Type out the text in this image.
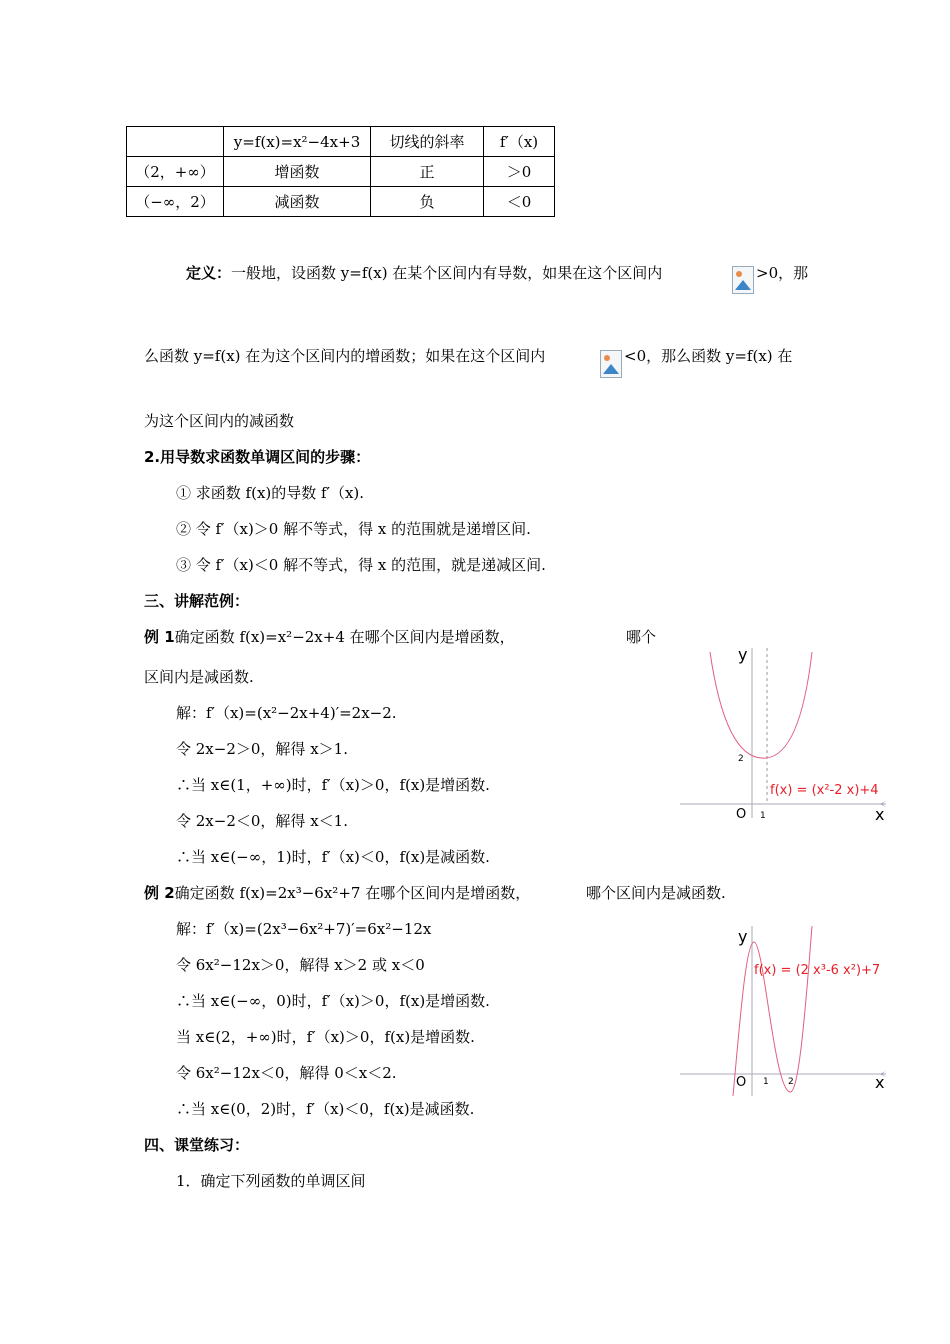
	y=f(x)=x²−4x+3	切线的斜率	f′（x)
（2，+∞）	增函数	正	＞0
（−∞，2）	减函数	负	＜0
定义：一般地，设函数 y=f(x) 在某个区间内有导数，如果在这个区间内	>0，那
么函数 y=f(x) 在为这个区间内的增函数；如果在这个区间内	<0，那么函数 y=f(x) 在
为这个区间内的减函数
2.用导数求函数单调区间的步骤：
① 求函数 f(x)的导数 f′（x).
② 令 f′（x)＞0 解不等式，得 x 的范围就是递增区间.
③ 令 f′（x)＜0 解不等式，得 x 的范围，就是递减区间.
三、讲解范例：
例 1确定函数 f(x)=x²−2x+4 在哪个区间内是增函数，	哪个
区间内是减函数.
解：f′（x)=(x²−2x+4)′=2x−2.
令 2x−2＞0，解得 x＞1.
∴当 x∈(1，+∞)时，f′（x)＞0，f(x)是增函数.
令 2x−2＜0，解得 x＜1.
∴当 x∈(−∞，1)时，f′（x)＜0，f(x)是减函数.
y
x
O 1
2
f(x) = (x²-2 x)+4
例 2确定函数 f(x)=2x³−6x²+7 在哪个区间内是增函数，	哪个区间内是减函数.
解：f′（x)=(2x³−6x²+7)′=6x²−12x
令 6x²−12x＞0，解得 x＞2 或 x＜0
∴当 x∈(−∞，0)时，f′（x)＞0，f(x)是增函数.
当 x∈(2，+∞)时，f′（x)＞0，f(x)是增函数.
令 6x²−12x＜0，解得 0＜x＜2.
∴当 x∈(0，2)时，f′（x)＜0，f(x)是减函数.
y
x
O 1 2
f(x) = (2 x³-6 x²)+7
四、课堂练习：
1．确定下列函数的单调区间
